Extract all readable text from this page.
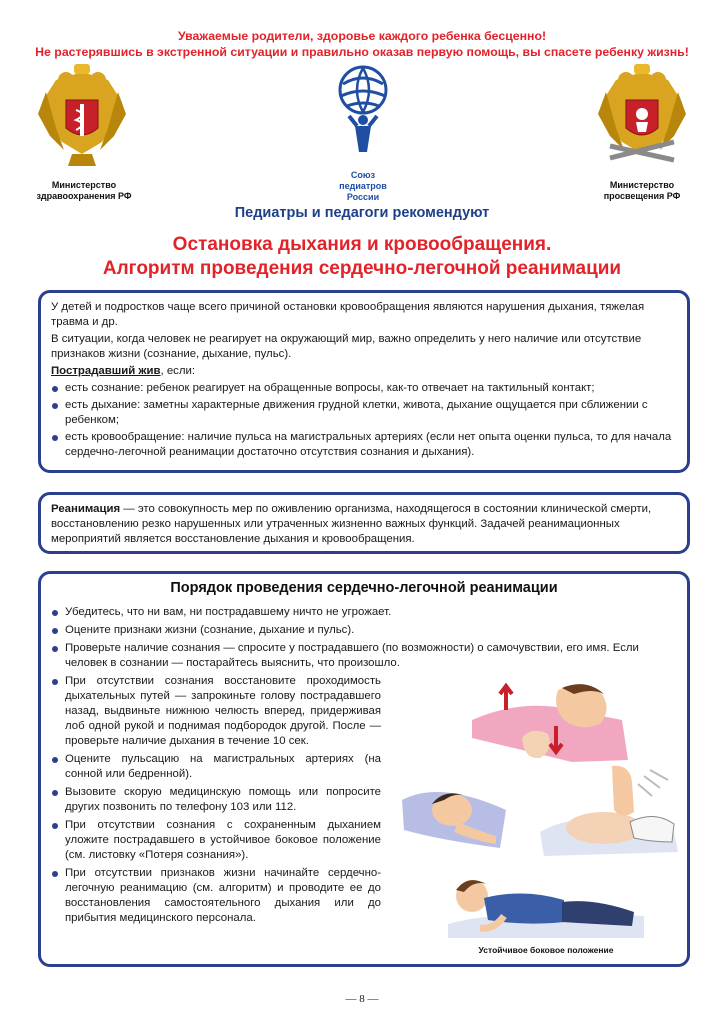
Уважаемые родители, здоровье каждого ребенка бесценно!
Не растерявшись в экстренной ситуации и правильно оказав первую помощь, вы спасете ребенку жизнь!
Министерство
здравоохранения РФ
Союз
педиатров
России
Министерство
просвещения РФ
Педиатры и педагоги рекомендуют
Остановка дыхания и кровообращения.
Алгоритм проведения сердечно-легочной реанимации

У детей и подростков чаще всего причиной остановки кровообращения являются нарушения дыхания, тяжелая травма и др.

В ситуации, когда человек не реагирует на окружающий мир, важно определить у него наличие или отсутствие признаков жизни (сознание, дыхание, пульс).

Пострадавший жив, если:

есть сознание: ребенок реагирует на обращенные вопросы, как-то отвечает на тактильный контакт;
есть дыхание: заметны характерные движения грудной клетки, живота, дыхание ощущается при сближении с ребенком;
есть кровообращение: наличие пульса на магистральных артериях (если нет опыта оценки пульса, то для начала сердечно-легочной реанимации достаточно отсутствия сознания и дыхания).

Реанимация — это совокупность мер по оживлению организма, находящегося в состоянии клинической смерти, восстановлению резко нарушенных или утраченных жизненно важных функций. Задачей реанимационных мероприятий является восстановление дыхания и кровообращения.

Порядок проведения сердечно-легочной реанимации
Убедитесь, что ни вам, ни пострадавшему ничто не угрожает.
Оцените признаки жизни (сознание, дыхание и пульс).
Проверьте наличие сознания — спросите у пострадавшего (по возможности) о самочувствии, его имя. Если человек в сознании — постарайтесь выяснить, что произошло.
При отсутствии сознания восстановите проходимость дыхательных путей — запрокиньте голову пострадавшего назад, выдвиньте нижнюю челюсть вперед, придерживая лоб одной рукой и поднимая подбородок другой. После — проверьте наличие дыхания в течение 10 сек.
Оцените пульсацию на магистральных артериях (на сонной или бедренной).
Вызовите скорую медицинскую помощь или попросите других позвонить по телефону 103 или 112.
При отсутствии сознания с сохраненным дыханием уложите пострадавшего в устойчивое боковое положение (см. листовку «Потеря сознания»).
При отсутствии признаков жизни начинайте сердечно-легочную реанимацию (см. алгоритм) и проводите ее до восстановления самостоятельного дыхания или до прибытия медицинского персонала.
Устойчивое боковое положение
— 8 —
